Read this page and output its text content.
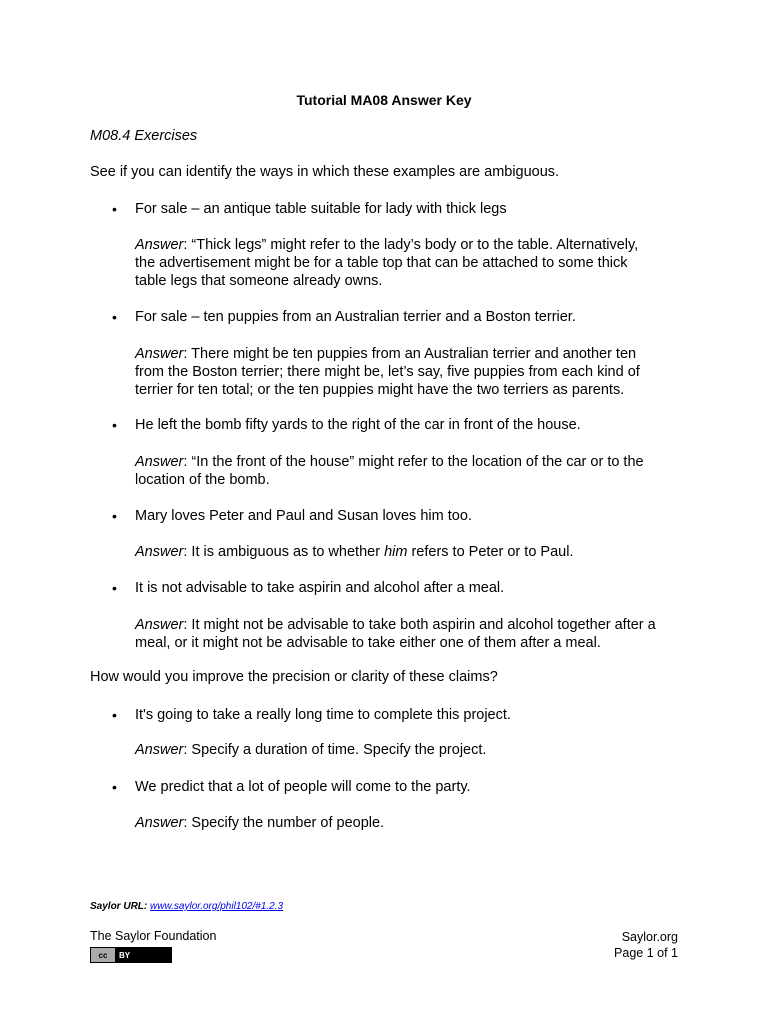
Tutorial MA08 Answer Key
M08.4 Exercises
See if you can identify the ways in which these examples are ambiguous.
• For sale – an antique table suitable for lady with thick legs
Answer: “Thick legs” might refer to the lady’s body or to the table. Alternatively,
the advertisement might be for a table top that can be attached to some thick
table legs that someone already owns.
• For sale – ten puppies from an Australian terrier and a Boston terrier.
Answer: There might be ten puppies from an Australian terrier and another ten
from the Boston terrier; there might be, let’s say, five puppies from each kind of
terrier for ten total; or the ten puppies might have the two terriers as parents.
• He left the bomb fifty yards to the right of the car in front of the house.
Answer: “In the front of the house” might refer to the location of the car or to the
location of the bomb.
• Mary loves Peter and Paul and Susan loves him too.
Answer: It is ambiguous as to whether him refers to Peter or to Paul.
• It is not advisable to take aspirin and alcohol after a meal.
Answer: It might not be advisable to take both aspirin and alcohol together after a
meal, or it might not be advisable to take either one of them after a meal.
How would you improve the precision or clarity of these claims?
• It's going to take a really long time to complete this project.
Answer: Specify a duration of time. Specify the project.
• We predict that a lot of people will come to the party.
Answer: Specify the number of people.
Saylor URL: www.saylor.org/phil102/#1.2.3
The Saylor Foundation
cc	BY
Saylor.org
Page 1 of 1
